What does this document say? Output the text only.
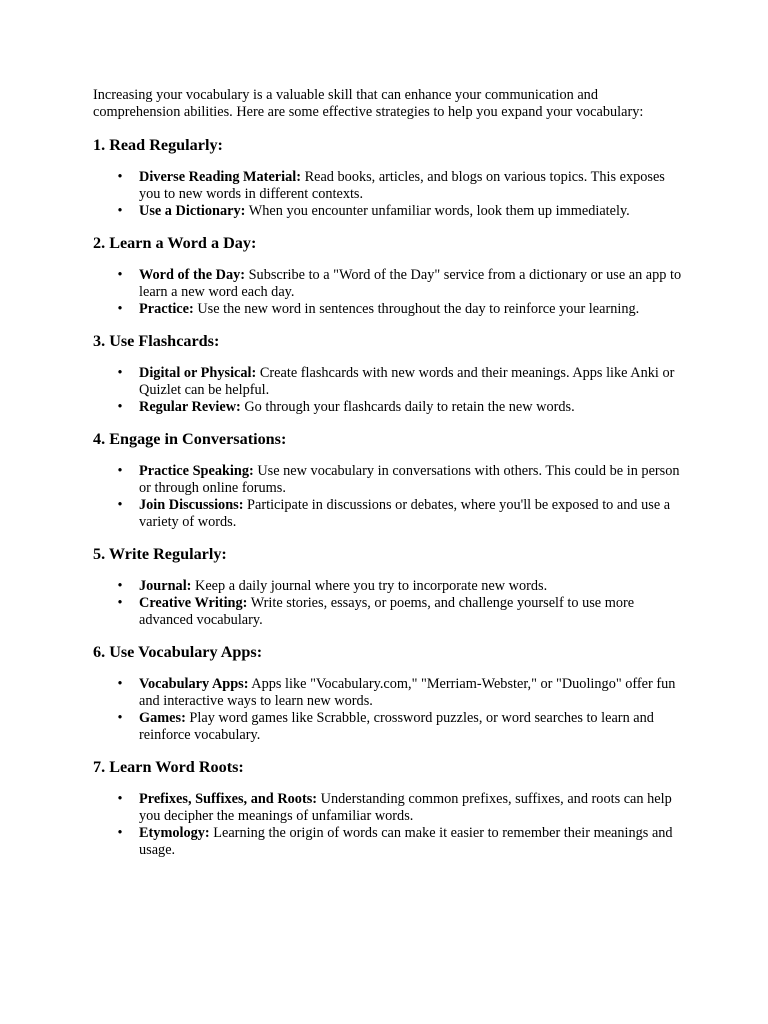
Increasing your vocabulary is a valuable skill that can enhance your communication and comprehension abilities. Here are some effective strategies to help you expand your vocabulary:

1. Read Regularly:
• Diverse Reading Material: Read books, articles, and blogs on various topics. This exposes you to new words in different contexts.
• Use a Dictionary: When you encounter unfamiliar words, look them up immediately.
2. Learn a Word a Day:
• Word of the Day: Subscribe to a "Word of the Day" service from a dictionary or use an app to learn a new word each day.
• Practice: Use the new word in sentences throughout the day to reinforce your learning.
3. Use Flashcards:
• Digital or Physical: Create flashcards with new words and their meanings. Apps like Anki or Quizlet can be helpful.
• Regular Review: Go through your flashcards daily to retain the new words.
4. Engage in Conversations:
• Practice Speaking: Use new vocabulary in conversations with others. This could be in person or through online forums.
• Join Discussions: Participate in discussions or debates, where you'll be exposed to and use a variety of words.
5. Write Regularly:
• Journal: Keep a daily journal where you try to incorporate new words.
• Creative Writing: Write stories, essays, or poems, and challenge yourself to use more advanced vocabulary.
6. Use Vocabulary Apps:
• Vocabulary Apps: Apps like "Vocabulary.com," "Merriam-Webster," or "Duolingo" offer fun and interactive ways to learn new words.
• Games: Play word games like Scrabble, crossword puzzles, or word searches to learn and reinforce vocabulary.
7. Learn Word Roots:
• Prefixes, Suffixes, and Roots: Understanding common prefixes, suffixes, and roots can help you decipher the meanings of unfamiliar words.
• Etymology: Learning the origin of words can make it easier to remember their meanings and usage.
